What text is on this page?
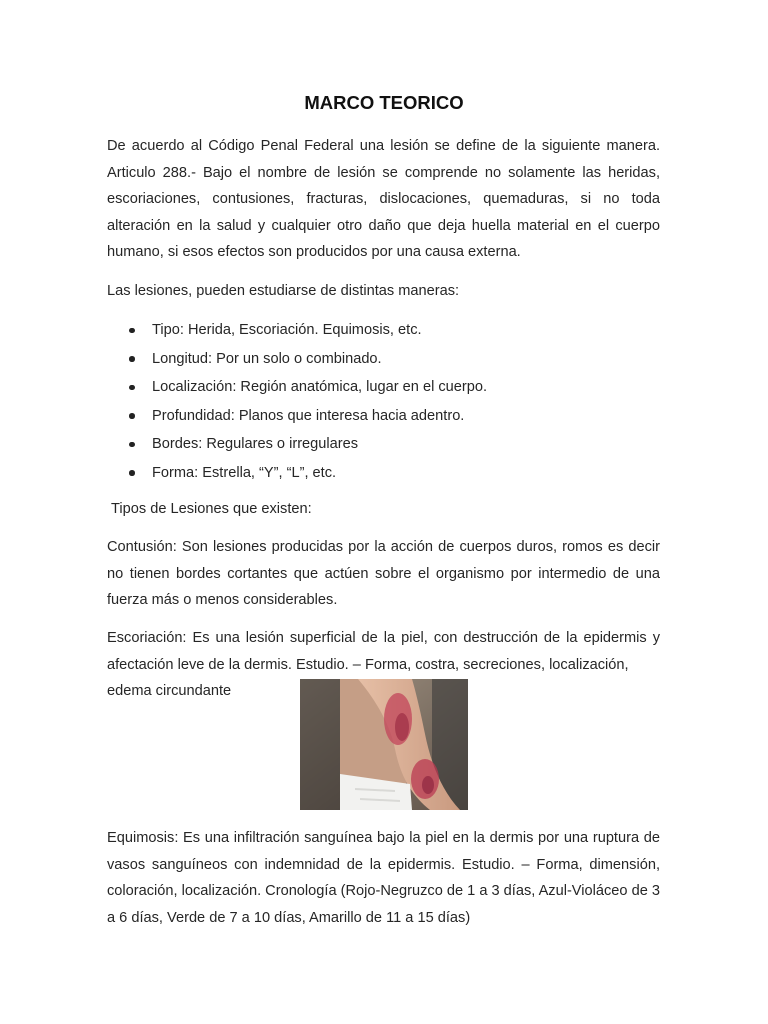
MARCO TEORICO

De acuerdo al Código Penal Federal una lesión se define de la siguiente manera. Articulo 288.- Bajo el nombre de lesión se comprende no solamente las heridas, escoriaciones, contusiones, fracturas, dislocaciones, quemaduras, si no toda alteración en la salud y cualquier otro daño que deja huella material en el cuerpo humano, si esos efectos son producidos por una causa externa.

Las lesiones, pueden estudiarse de distintas maneras:

Tipo: Herida, Escoriación. Equimosis, etc.
Longitud: Por un solo o combinado.
Localización: Región anatómica, lugar en el cuerpo.
Profundidad: Planos que interesa hacia adentro.
Bordes: Regulares o irregulares
Forma: Estrella, “Y”, “L”, etc.

Tipos de Lesiones que existen:

Contusión: Son lesiones producidas por la acción de cuerpos duros, romos es decir no tienen bordes cortantes que actúen sobre el organismo por intermedio de una fuerza más o menos considerables.

Escoriación: Es una lesión superficial de la piel, con destrucción de la epidermis y afectación leve de la dermis. Estudio. – Forma, costra, secreciones, localización,

edema circundante

Equimosis: Es una infiltración sanguínea bajo la piel en la dermis por una ruptura de vasos sanguíneos con indemnidad de la epidermis. Estudio. – Forma, dimensión, coloración, localización. Cronología (Rojo-Negruzco de 1 a 3 días, Azul-Violáceo de 3 a 6 días, Verde de 7 a 10 días, Amarillo de 11 a 15 días)
